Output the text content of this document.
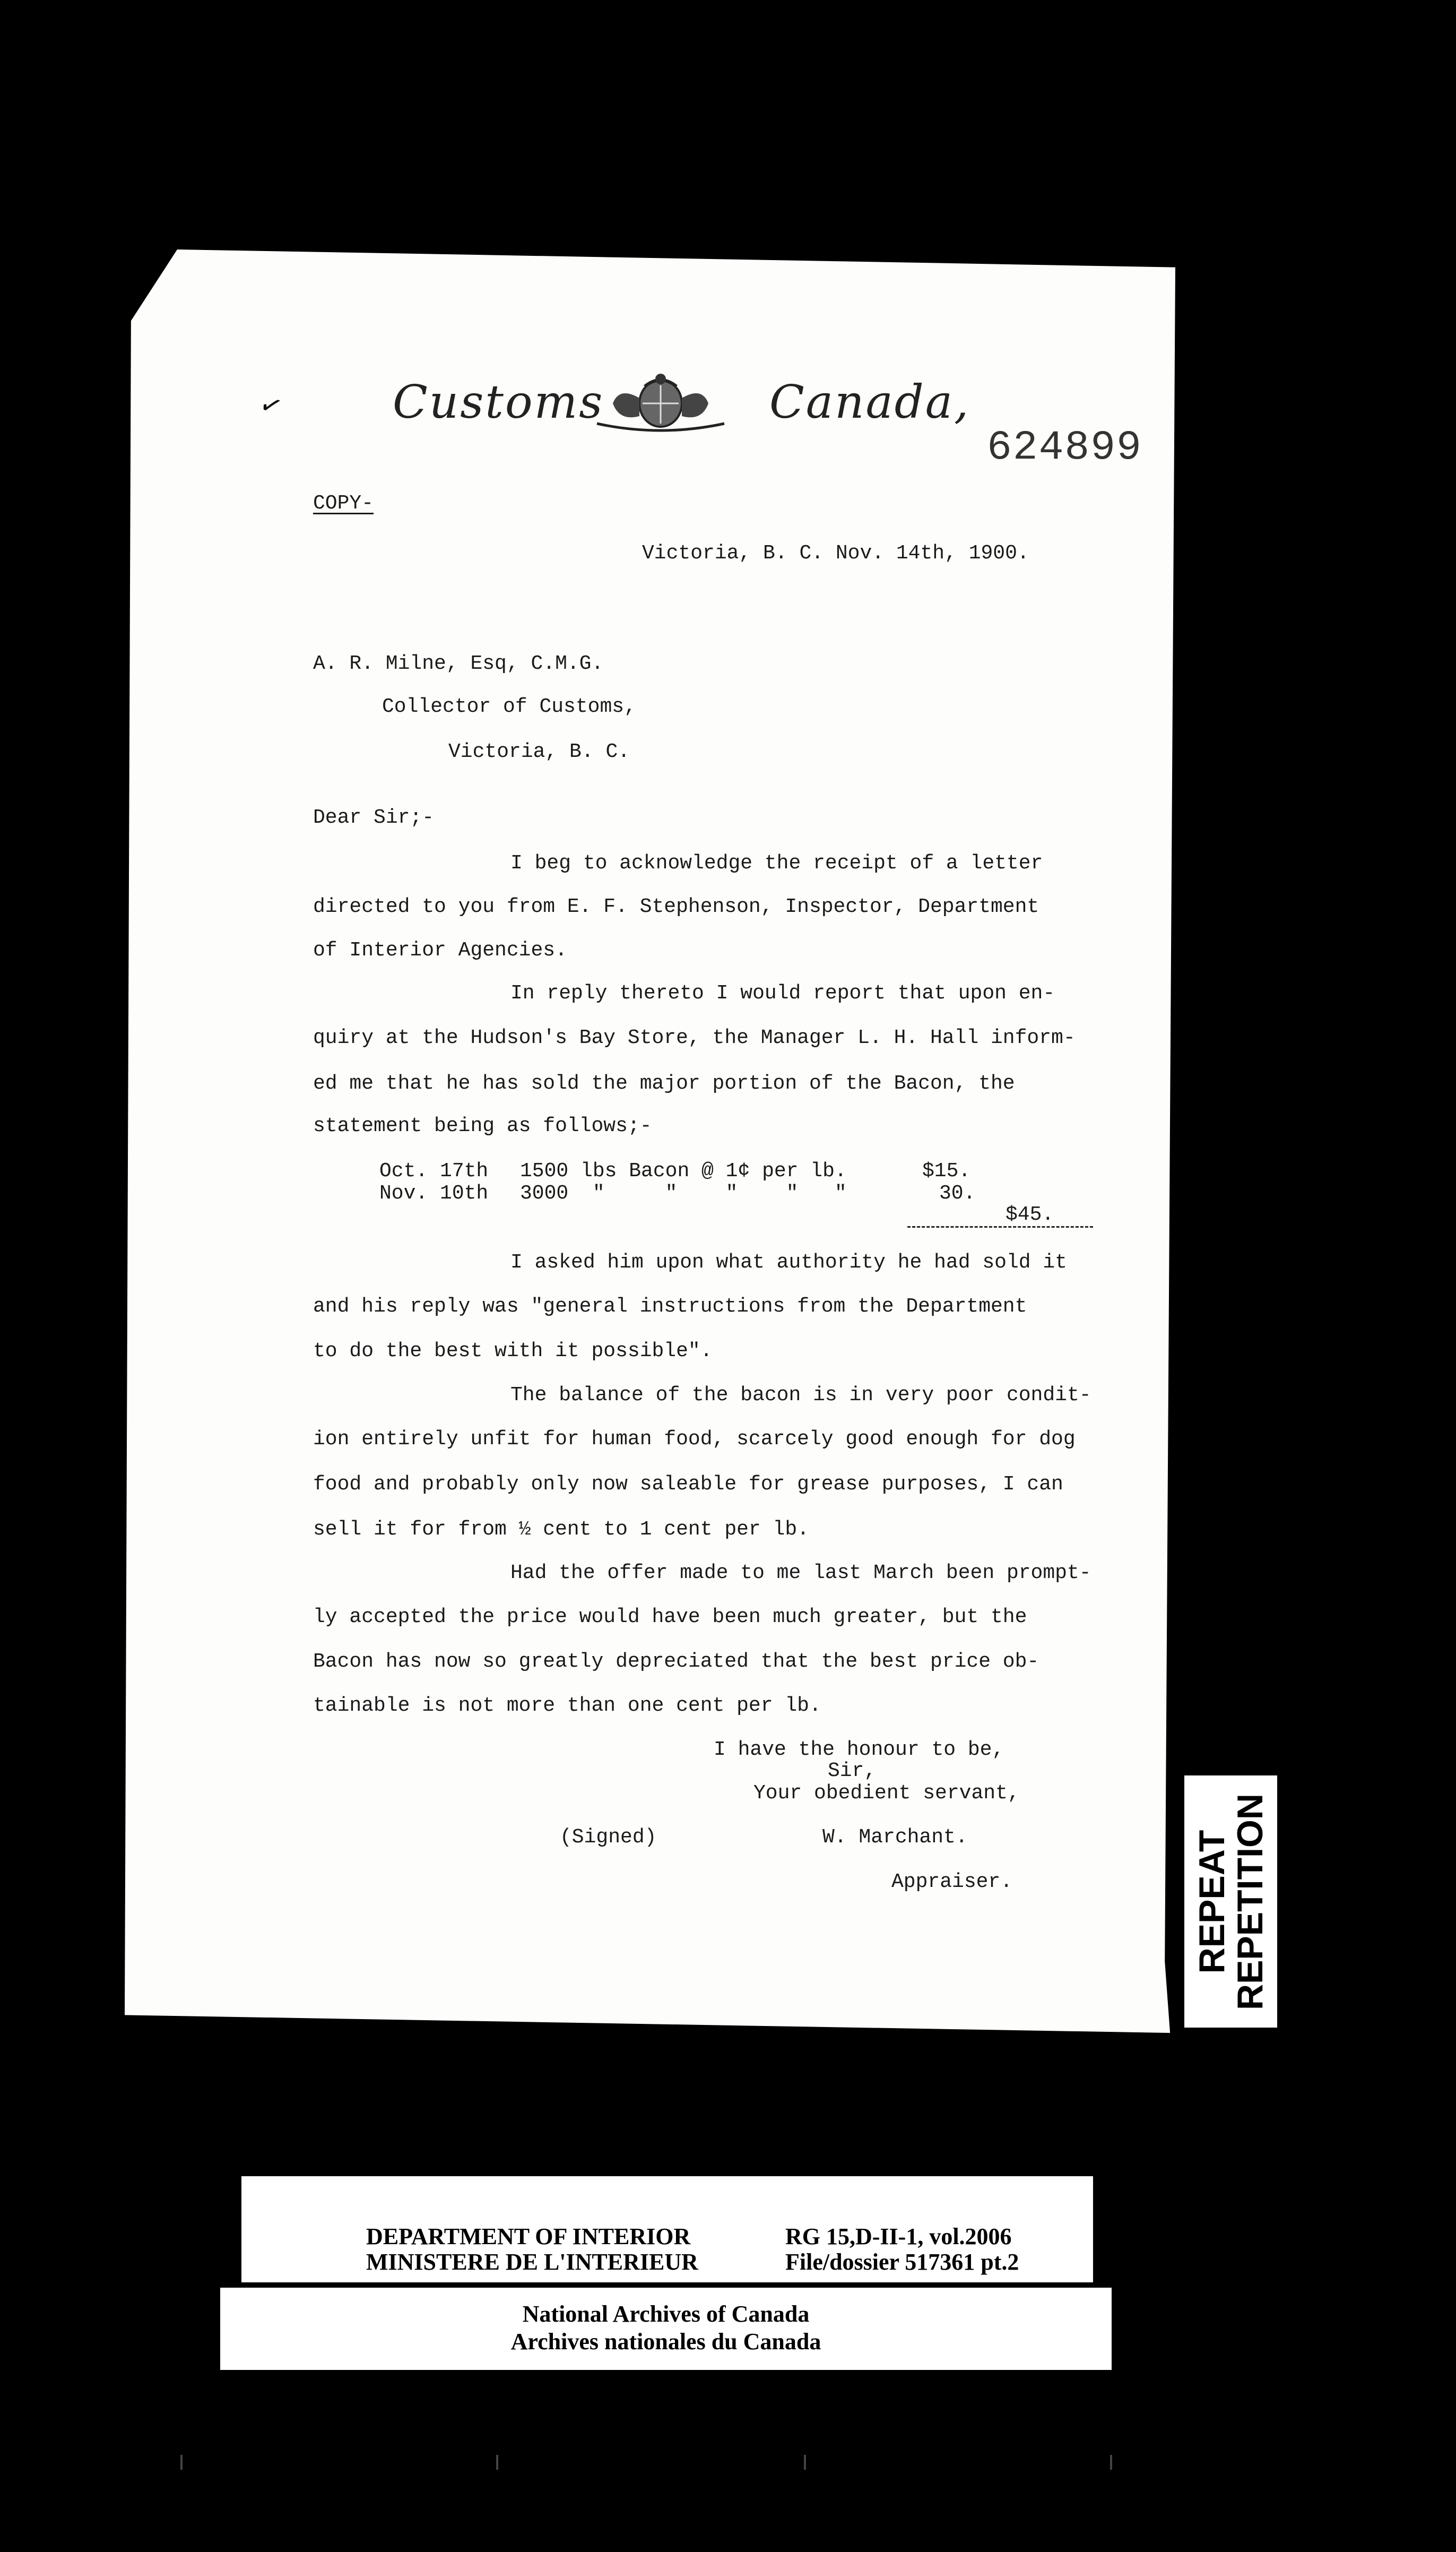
✓ Customs	Canada,
624899
COPY-
Victoria, B. C. Nov. 14th, 1900.
A. R. Milne, Esq, C.M.G.
Collector of Customs,
Victoria, B. C.
Dear Sir;-
I beg to acknowledge the receipt of a letter
directed to you from E. F. Stephenson, Inspector, Department
of Interior Agencies.
In reply thereto I would report that upon en-
quiry at the Hudson's Bay Store, the Manager L. H. Hall inform-
ed me that he has sold the major portion of the Bacon, the
statement being as follows;-
Oct. 17th 1500 lbs Bacon @ 1¢ per lb.	$15.
Nov. 10th 3000  "     "    "    "   "	30.
$45.
I asked him upon what authority he had sold it
and his reply was "general instructions from the Department
to do the best with it possible".
The balance of the bacon is in very poor condit-
ion entirely unfit for human food, scarcely good enough for dog
food and probably only now saleable for grease purposes, I can
sell it for from ½ cent to 1 cent per lb.
Had the offer made to me last March been prompt-
ly accepted the price would have been much greater, but the
Bacon has now so greatly depreciated that the best price ob-
tainable is not more than one cent per lb.
I have the honour to be,
Sir,
Your obedient servant,
(Signed)	W. Marchant.
Appraiser.	REPEAT
REPETITION
DEPARTMENT OF INTERIOR
MINISTERE DE L'INTERIEUR
RG 15,D-II-1, vol.2006
File/dossier 517361 pt.2
National Archives of Canada
Archives nationales du Canada
